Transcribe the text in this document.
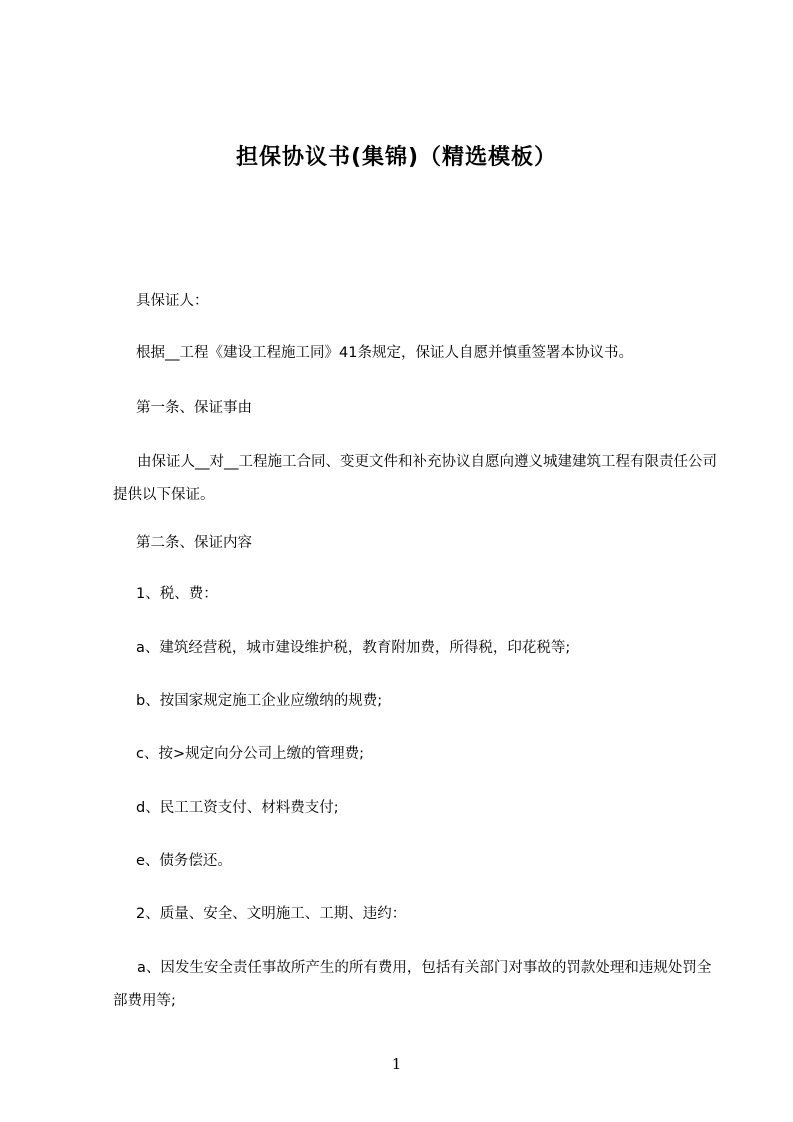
担保协议书(集锦)（精选模板）

具保证人：

根据__工程《建设工程施工同》41条规定，保证人自愿并慎重签署本协议书。

第一条、保证事由

由保证人__对__工程施工合同、变更文件和补充协议自愿向遵义城建建筑工程有限责任公司提供以下保证。

第二条、保证内容

1、税、费：

a、建筑经营税，城市建设维护税，教育附加费，所得税，印花税等;

b、按国家规定施工企业应缴纳的规费;

c、按>规定向分公司上缴的管理费;

d、民工工资支付、材料费支付;

e、债务偿还。

2、质量、安全、文明施工、工期、违约：

a、因发生安全责任事故所产生的所有费用，包括有关部门对事故的罚款处理和违规处罚全部费用等;

1
